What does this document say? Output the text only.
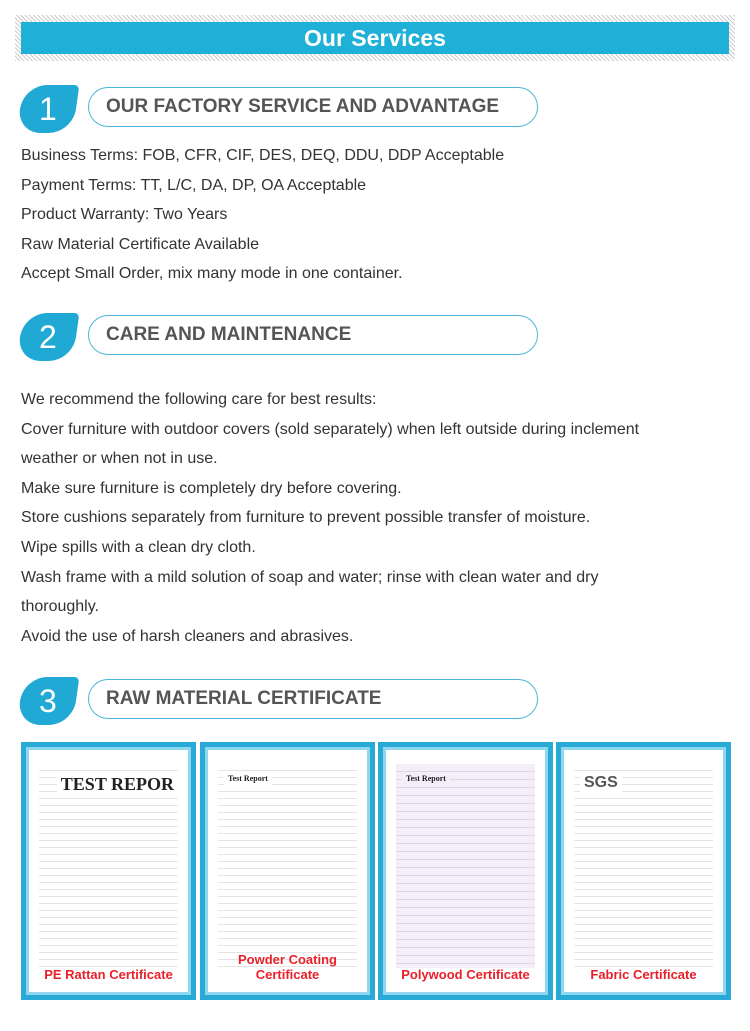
Our Services
1	OUR FACTORY SERVICE AND ADVANTAGE
Business Terms: FOB, CFR, CIF, DES, DEQ, DDU, DDP Acceptable
Payment Terms: TT, L/C, DA, DP, OA Acceptable
Product Warranty: Two Years
Raw Material Certificate Available
Accept Small Order, mix many mode in one container.
2	CARE AND MAINTENANCE
We recommend the following care for best results:
Cover furniture with outdoor covers (sold separately) when left outside during inclement
weather or when not in use.
Make sure furniture is completely dry before covering.
Store cushions separately from furniture to prevent possible transfer of moisture.
Wipe spills with a clean dry cloth.
Wash frame with a mild solution of soap and water; rinse with clean water and dry
thoroughly.
Avoid the use of harsh cleaners and abrasives.
3	RAW MATERIAL CERTIFICATE
TEST REPOR
PE Rattan Certificate
Test Report
Powder Coating Certificate
Test Report
Polywood Certificate
SGS
Fabric Certificate
